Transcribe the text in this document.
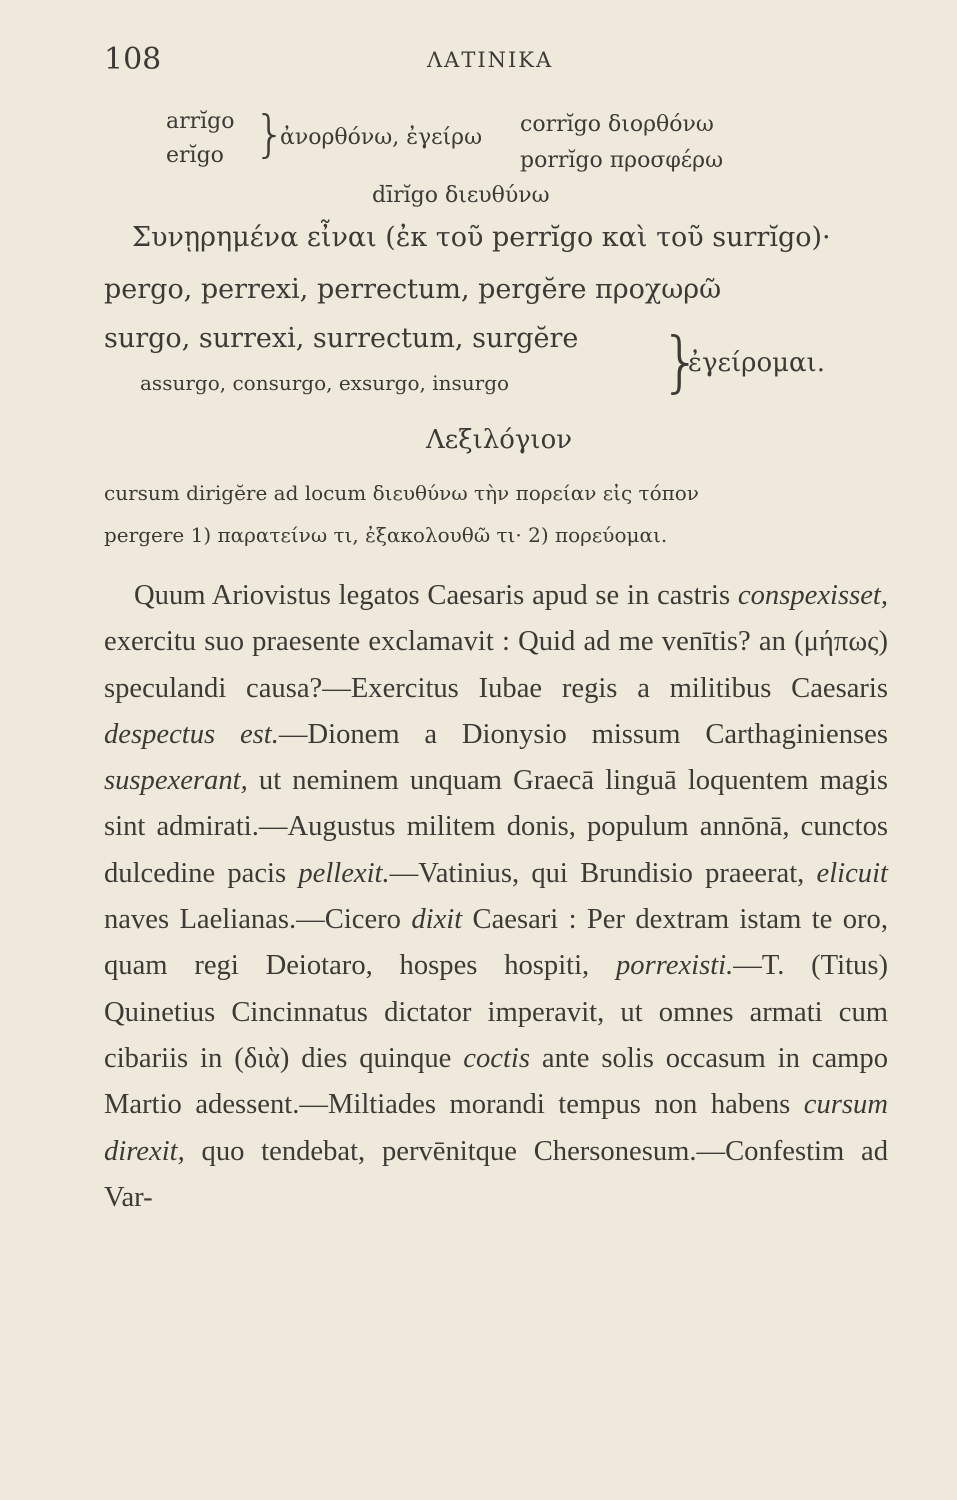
108	ΛΑΤΙΝΙΚΑ
arrĭgo
erĭgo }
ἀνορθόνω, ἐγείρω
corrĭgo διορθόνω
porrĭgo προσφέρω
dīrĭgo διευθύνω
Συνῃρημένα εἶναι (ἐκ τοῦ perrĭgo καὶ τοῦ surrĭgo)·
pergo, perrexi, perrectum, pergĕre προχωρῶ
surgo, surrexi, surrectum, surgĕre
assurgo, consurgo, exsurgo, insurgo }
ἐγείρομαι.
Λεξιλόγιον
cursum dirigĕre ad locum διευθύνω τὴν πορείαν εἰς τόπον
pergere 1) παρατείνω τι, ἐξακολουθῶ τι· 2) πορεύομαι.

Quum Ariovistus legatos Caesaris apud se in castris conspexisset, exercitu suo praesente exclamavit : Quid ad me venītis? an (μήπως) speculandi causa?—Exercitus Iubae regis a militibus Caesaris despectus est.—Dionem a Dionysio missum Carthaginienses suspexerant, ut neminem unquam Graecā linguā loquentem magis sint admirati.—Augustus militem donis, populum annōnā, cunctos dulcedine pacis pellexit.—Vatinius, qui Brundisio praeerat, elicuit naves Laelianas.—Cicero dixit Caesari : Per dextram istam te oro, quam regi Deiotaro, hospes hospiti, porrexisti.—T. (Titus) Quinetius Cincinnatus dictator imperavit, ut omnes armati cum cibariis in (διὰ) dies quinque coctis ante solis occasum in campo Martio adessent.—Miltiades morandi tempus non habens cursum direxit, quo tendebat, pervēnitque Chersonesum.—Confestim ad Var-
